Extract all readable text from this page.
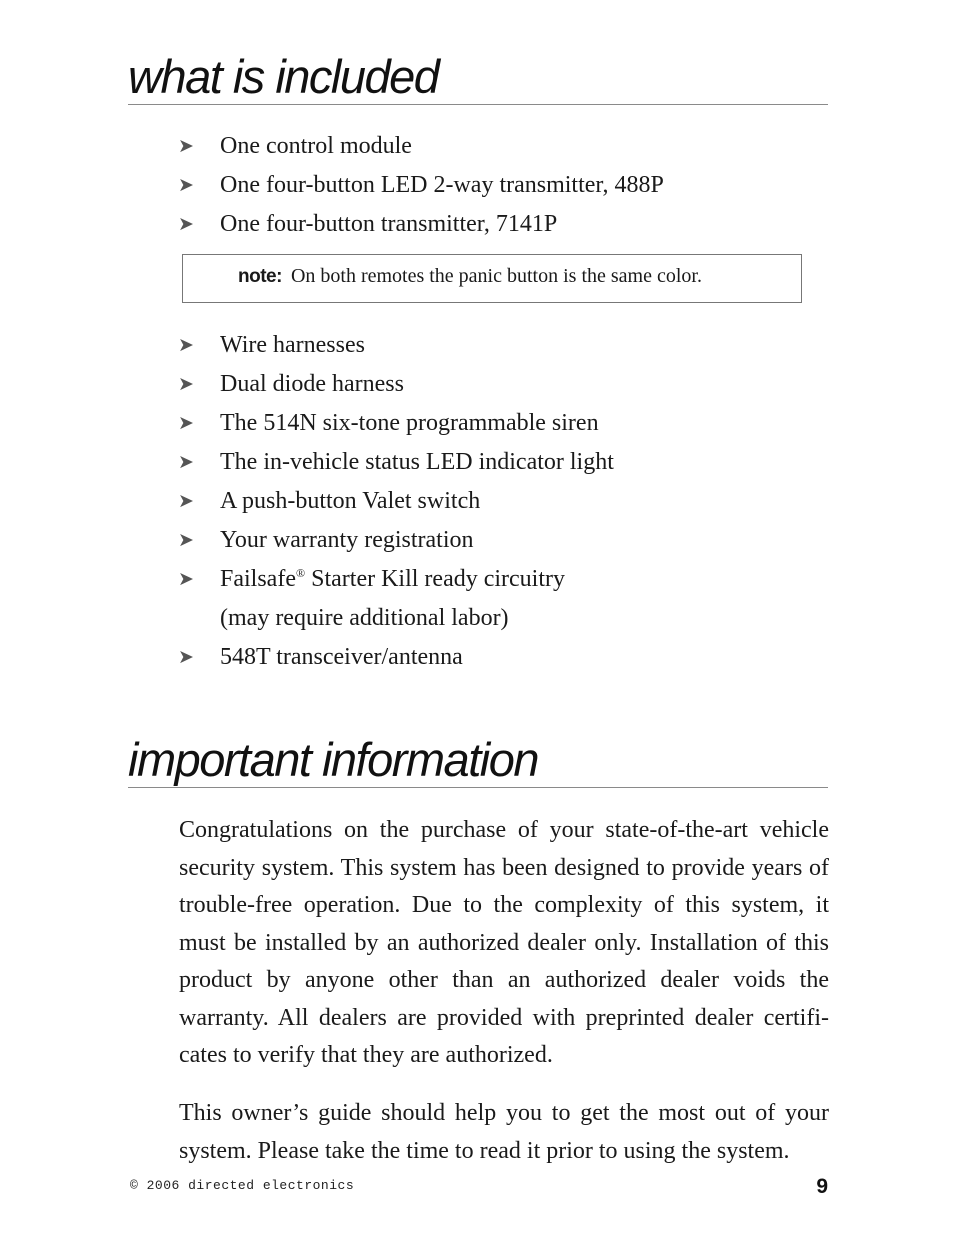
what is included
➤ One control module
➤ One four-button LED 2-way transmitter, 488P
➤ One four-button transmitter, 7141P
note: On both remotes the panic button is the same color.
➤ Wire harnesses
➤ Dual diode harness
➤ The 514N six-tone programmable siren
➤ The in-vehicle status LED indicator light
➤ A push-button Valet switch
➤ Your warranty registration
➤ Failsafe® Starter Kill ready circuitry
(may require additional labor)
➤ 548T transceiver/antenna
important information

Congratulations on the purchase of your state-of-the-art vehicle security system. This system has been designed to provide years of trouble-free operation. Due to the complexity of this system, it must be installed by an authorized dealer only. Installation of this product by anyone other than an authorized dealer voids the warranty. All dealers are provided with preprinted dealer certifi-cates to verify that they are authorized.

This owner’s guide should help you to get the most out of your system. Please take the time to read it prior to using the system.

© 2006 directed electronics	9
